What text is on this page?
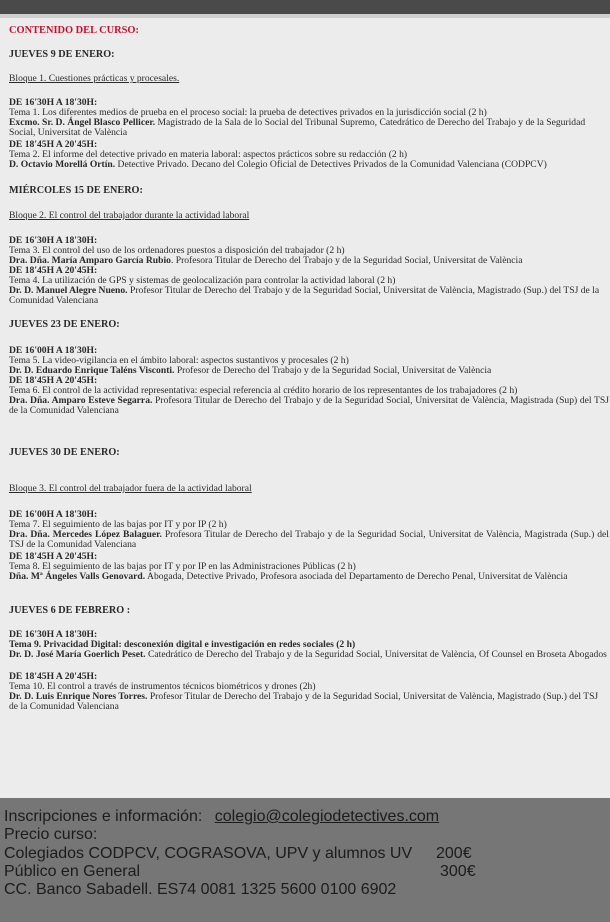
CONTENIDO DEL CURSO:
JUEVES 9 DE ENERO:
Bloque 1. Cuestiones prácticas y procesales.
DE 16'30H A 18'30H:
Tema 1. Los diferentes medios de prueba en el proceso social: la prueba de detectives privados en la jurisdicción social (2 h)
Excmo. Sr. D. Ángel Blasco Pellicer. Magistrado de la Sala de lo Social del Tribunal Supremo, Catedrático de Derecho del Trabajo y de la Seguridad Social, Universitat de València
DE 18'45H A 20'45H:
Tema 2. El informe del detective privado en materia laboral: aspectos prácticos sobre su redacción (2 h)
D. Octavio Morellá Ortín. Detective Privado. Decano del Colegio Oficial de Detectives Privados de la Comunidad Valenciana (CODPCV)
MIÉRCOLES 15 DE ENERO:
Bloque 2. El control del trabajador durante la actividad laboral
DE 16'30H A 18'30H:
Tema 3. El control del uso de los ordenadores puestos a disposición del trabajador (2 h)
Dra. Dña. María Amparo García Rubio. Profesora Titular de Derecho del Trabajo y de la Seguridad Social, Universitat de València
DE 18'45H A 20'45H:
Tema 4. La utilización de GPS y sistemas de geolocalización para controlar la actividad laboral (2 h)
Dr. D. Manuel Alegre Nueno. Profesor Titular de Derecho del Trabajo y de la Seguridad Social, Universitat de València, Magistrado (Sup.) del TSJ de la Comunidad Valenciana
JUEVES 23 DE ENERO:
DE 16'00H A 18'30H:
Tema 5. La video-vigilancia en el ámbito laboral: aspectos sustantivos y procesales (2 h)
Dr. D. Eduardo Enrique Taléns Visconti. Profesor de Derecho del Trabajo y de la Seguridad Social, Universitat de València
DE 18'45H A 20'45H:
Tema 6. El control de la actividad representativa: especial referencia al crédito horario de los representantes de los trabajadores (2 h)
Dra. Dña. Amparo Esteve Segarra. Profesora Titular de Derecho del Trabajo y de la Seguridad Social, Universitat de València, Magistrada (Sup) del TSJ de la Comunidad Valenciana
JUEVES 30 DE ENERO:
Bloque 3. El control del trabajador fuera de la actividad laboral
DE 16'00H A 18'30H:
Tema 7. El seguimiento de las bajas por IT y por IP (2 h)
Dra. Dña. Mercedes López Balaguer. Profesora Titular de Derecho del Trabajo y de la Seguridad Social, Universitat de València, Magistrada (Sup.) del TSJ de la Comunidad Valenciana
DE 18'45H A 20'45H:
Tema 8. El seguimiento de las bajas por IT y por IP en las Administraciones Públicas (2 h)
Dña. Mª Ángeles Valls Genovard. Abogada, Detective Privado, Profesora asociada del Departamento de Derecho Penal, Universitat de València
JUEVES 6 DE FEBRERO :
DE 16'30H A 18'30H:
Tema 9. Privacidad Digital: desconexión digital e investigación en redes sociales (2 h)
Dr. D. José María Goerlich Peset. Catedrático de Derecho del Trabajo y de la Seguridad Social, Universitat de València, Of Counsel en Broseta Abogados
DE 18'45H A 20'45H:
Tema 10. El control a través de instrumentos técnicos biométricos y drones (2h)
Dr. D. Luis Enrique Nores Torres. Profesor Titular de Derecho del Trabajo y de la Seguridad Social, Universitat de València, Magistrado (Sup.) del TSJ de la Comunidad Valenciana
Inscripciones e información: colegio@colegiodetectives.com
Precio curso:
Colegiados CODPCV, COGRASOVA, UPV y alumnos UV 200€
Público en General	300€
CC. Banco Sabadell. ES74 0081 1325 5600 0100 6902
